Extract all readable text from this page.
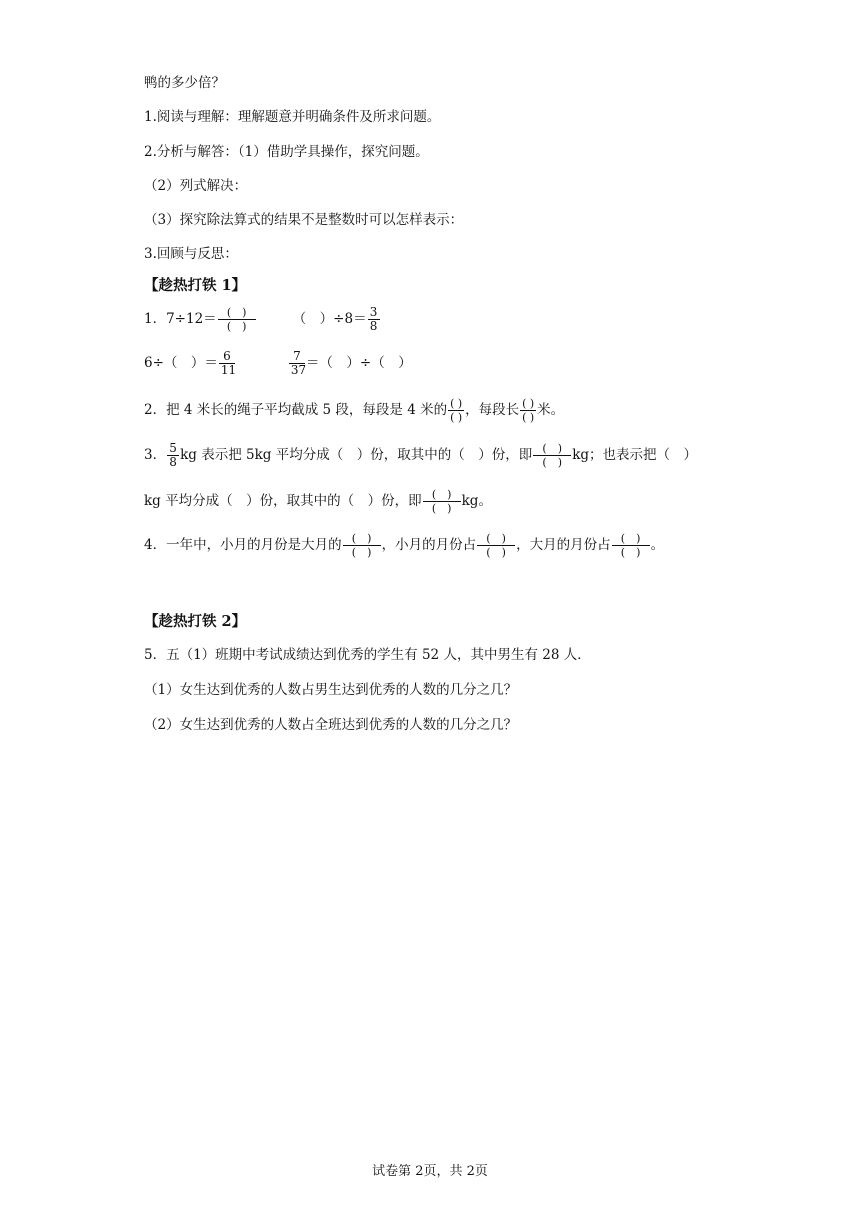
鸭的多少倍？
1.阅读与理解：理解题意并明确条件及所求问题。
2.分析与解答：（1）借助学具操作，探究问题。
（2）列式解决：
（3）探究除法算式的结果不是整数时可以怎样表示：
3.回顾与反思：
【趁热打铁 1】
1．7÷12＝ (　)
(　)	（　）$\div 8= \frac{3}{8}$
6÷（　）＝ $\frac{6}{11}$	$\frac{7}{37}$ ＝（　）÷（　）
2．把 4 米长的绳子平均截成 5 段，每段是 4 米的 ( )
( ) ，每段长 ( )
( ) 米。
3． $\frac{5}{8}$ kg 表示把 5kg 平均分成（　）份，取其中的（　）份，即 (　)
(　) kg；也表示把（　）
kg 平均分成（　）份，取其中的（　）份，即 (　)
(　) kg。
4．一年中，小月的月份是大月的 (　)
(　) ，小月的月份占 (　)
(　) ，大月的月份占 (　)
(　) 。
【趁热打铁 2】
5．五（1）班期中考试成绩达到优秀的学生有 52 人，其中男生有 28 人．
（1）女生达到优秀的人数占男生达到优秀的人数的几分之几？
（2）女生达到优秀的人数占全班达到优秀的人数的几分之几？
试卷第 2页，共 2页
